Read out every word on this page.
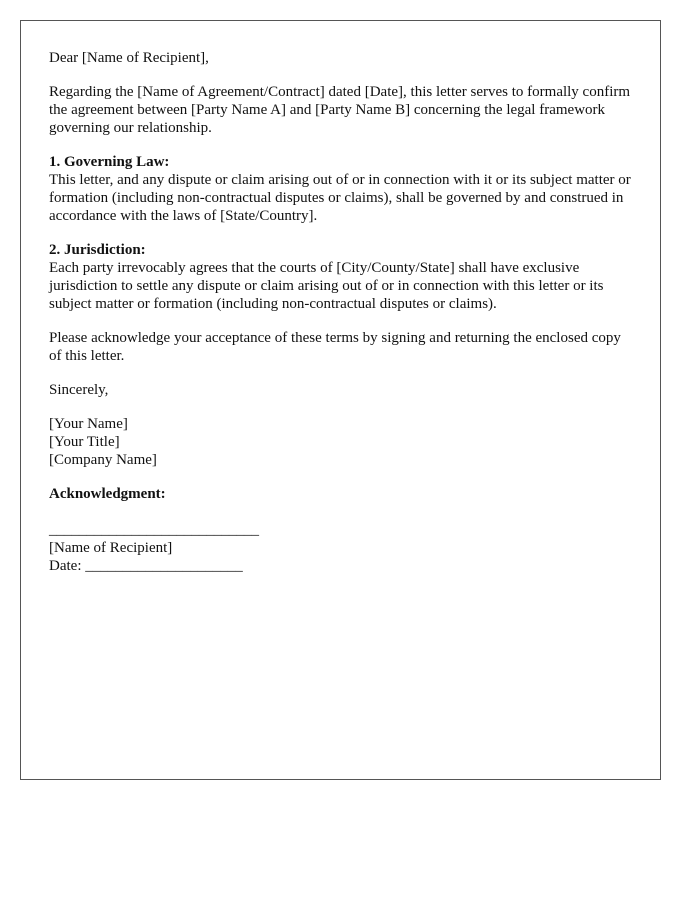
Dear [Name of Recipient],

Regarding the [Name of Agreement/Contract] dated [Date], this letter serves to formally confirm the agreement between [Party Name A] and [Party Name B] concerning the legal framework governing our relationship.

1. Governing Law:
This letter, and any dispute or claim arising out of or in connection with it or its subject matter or formation (including non-contractual disputes or claims), shall be governed by and construed in accordance with the laws of [State/Country].

2. Jurisdiction:
Each party irrevocably agrees that the courts of [City/County/State] shall have exclusive jurisdiction to settle any dispute or claim arising out of or in connection with this letter or its subject matter or formation (including non-contractual disputes or claims).

Please acknowledge your acceptance of these terms by signing and returning the enclosed copy of this letter.

Sincerely,

[Your Name]
[Your Title]
[Company Name]

Acknowledgment:
____________________________
[Name of Recipient]
Date: _____________________
